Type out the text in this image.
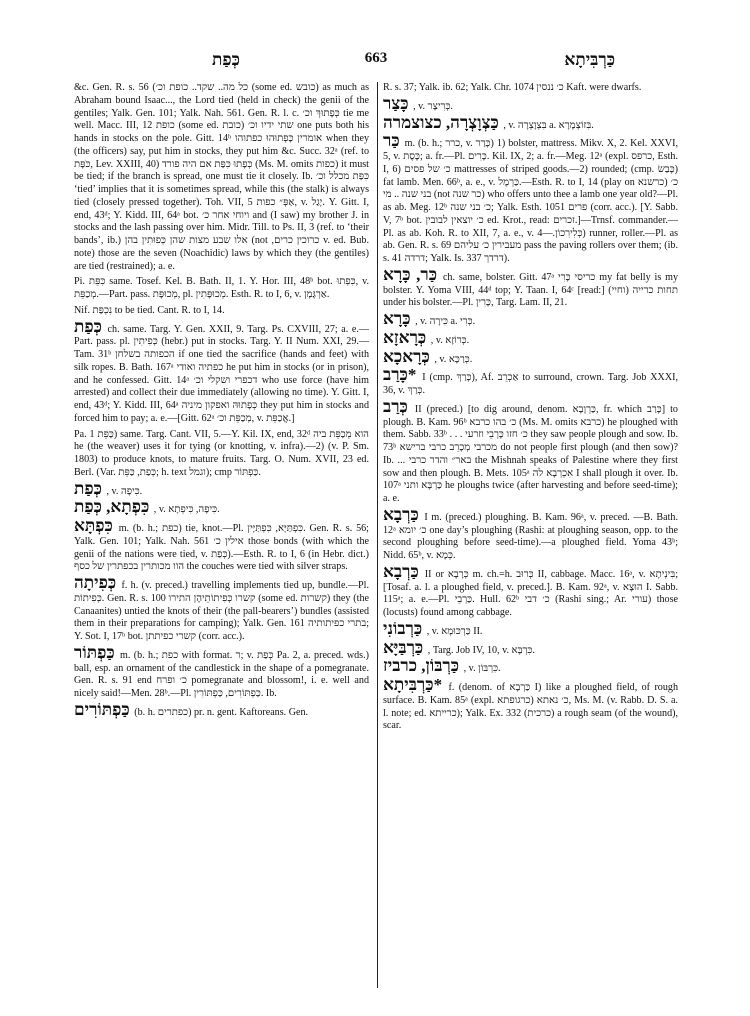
כְּפַת	663	כַּרְבִּיתָא

&c. Gen. R. s. 56 (כל מה.. שקד.. כופת וכ׳ (some ed. כובש) as much as Abraham bound Isaac..., the Lord tied (held in check) the genii of the gentiles; Yalk. Gen. 101; Yalk. Nah. 561. Gen. R. l. c. כְּפָתוּךְ וכ׳ tie me well. Macc. III, 12 כופת (some ed. כובת) שתי ידיו וכ׳ one puts both his hands in stocks on the pole. Gitt. 14ᵇ אומרין כָּפְתוּהוּ כפתוהו when they (the officers) say, put him in stocks, they put him &c. Succ. 32ᵃ (ref. to כֹּפָּת, Lev. XXIII, 40) כְּפָתוּ כִּפַּת אם היה פורד (Ms. M. omits כפות) it must be tied; if the branch is spread, one must tie it closely. Ib. כִּפַּת מכלל וכ׳ ‘tied’ implies that it is sometimes spread, while this (the stalk) is always tied (closely pressed together). Toh. VII, 5 אַפְּ״ כפות, v. יָגַל. Y. Gitt. I, end, 43ᵈ; Y. Kidd. III, 64ᵃ bot. ויוחי אחר כ׳ and (I saw) my brother J. in stocks and the lash passing over him. Midr. Till. to Ps. II, 3 (ref. to ‘their bands’, ib.) אלו שבע מצות שהן כְּפוּתִין בהן (not ,כרוכין כרים v. ed. Bub. note) those are the seven (Noachidic) laws by which they (the gentiles) are tied (restrained); a. e.

Pi. כִּפֵּת same. Tosef. Kel. B. Bath. II, 1. Y. Hor. III, 48ᵇ bot. כִּפְתוּ, v. מְכַפֵּת.—Part. pass. מְכוּפָּת, pl. מְכוּפָּתִין. Esth. R. to I, 6, v. אַרְגָּמָן.

Nif. נִכְפַּת to be tied. Cant. R. to I, 14.

כְּפַת ch. same. Targ. Y. Gen. XXII, 9. Targ. Ps. CXVIII, 27; a. e.—Part. pass. pl. כְּפִיתִין (hebr.) put in stocks. Targ. Y. II Num. XXI, 29.—Tam. 31ᵇ הכפותה בשלחן if one tied the sacrifice (hands and feet) with silk ropes. B. Bath. 167ᵃ כפתיה ואודי he put him in stocks (or in prison), and he confessed. Gitt. 14ᵃ דכפרי ושקלי וכ׳ who use force (have him arrested) and collect their due immediately (allowing no time). Y. Gitt. I, end, 43ᵈ; Y. Kidd. III, 64ᵃ כְּפָתוּהּ ואפקון מיניה they put him in stocks and forced him to pay; a. e.—[Gitt. 62ᵃ מְכַפֵּת וכ׳, v. אֲכַפֵּת.]

Pa. כַּפֵּת 1) same. Targ. Cant. VII, 5.—Y. Kil. IX, end, 32ᵈ הוא מְכַפֵּת ביה he (the weaver) uses it for tying (or knotting, v. infra).—2) (v. P. Sm. 1803) to produce knots, to mature fruits. Targ. O. Num. XVII, 23 ed. Berl. (Var. כְּפַת, כַּפֵּת; h. text וגמל); cmp כַּפְתּוֹר.

כְּפַת , v. כִּיפָה.

כִּפְתָא, כְּפַת , v. כִּיפָה, כִּיפְתָא.

כִּפְתָּא m. (b. h.; כפת) tie, knot.—Pl. כִּפְתַּיָּא, כִּפְתַּיָּין. Gen. R. s. 56; Yalk. Gen. 101; Yalk. Nah. 561 אילין כ׳ those bonds (with which the genii of the nations were tied, v. כְּפַת).—Esth. R. to I, 6 (in Hebr. dict.) הוו מכותרין בכפתרין של כסף the couches were tied with silver straps.

כְּפִיתָה f. h. (v. preced.) travelling implements tied up, bundle.—Pl. כְּפִיתוֹת. Gen. R. s. 100 קשרו כְּפִיתוֹתֵיהֶן התירו (some ed. קשרות) they (the Canaanites) untied the knots of their (the pall-bearers’) bundles (assisted them in their preparations for camping); Yalk. Gen. 161 בתרי כפיתותיה; Y. Sot. I, 17ᵇ bot. קשרי כפיתתן (corr. acc.).

כַּפְתּוֹר m. (b. h.; כפת with format. ר; v. כְּפַת Pa. 2, a. preced. wds.) ball, esp. an ornament of the candlestick in the shape of a pomegranate. Gen. R. s. 91 end כ׳ ופרח pomegranate and blossom!, i. e. well and nicely said!—Men. 28ᵇ.—Pl. כַּפְתּוֹרִים, כַּפְתּוֹרִין. Ib.

כַּפְתּוֹרִים (b. h. כפתרים) pr. n. gent. Kaftoreans. Gen.

R. s. 37; Yalk. ib. 62; Yalk. Chr. 1074 כ׳ ננסין Kaft. were dwarfs.

כָּצַר , v. כְּרִיצָר.

כַּצְוָצְרָה, כצוצמרה , v. בִּצְוָצְרָה a. בִּזוֹצְמָרָא.

כַּר m. (b. h.; כרר, v. כָּרַר) 1) bolster, mattress. Mikv. X, 2. Kel. XXVI, 5, v. כֶּסֶת; a. fr.—Pl. כָּרִים. Kil. IX, 2; a. fr.—Meg. 12ᵃ (expl. כרפס, Esth. I, 6) כ׳ של פסים mattresses of striped goods.—2) rounded; (cmp. כָּבַשׂ) fat lamb. Men. 66ᵇ, a. e., v. כַּרְמֶל.—Esth. R. to I, 14 (play on כרשנא) כ׳ בני שנה .. מי (not כר שנה) who offers unto thee a lamb one year old?—Pl. as ab. Meg. 12ᵇ כ׳ בני שנה; Yalk. Esth. 1051 פרים (corr. acc.). [Y. Sabb. V, 7ᵇ bot. כ׳ יוצאין לבובין ed. Krot., read: זכרים.]—Trnsf. commander.—Pl. as ab. Koh. R. to XII, 7, a. e., v. כְּלִירִכוֹן.—4) runner, roller.—Pl. as ab. Gen. R. s. 69 מעבירין כ׳ עליהם pass the paving rollers over them; (ib. s. 41 דרדה; Yalk. Is. 337 דרדך).

כַּר, כָּרָא ch. same, bolster. Gitt. 47ᵃ כריסי כָּרִי my fat belly is my bolster. Y. Yoma VIII, 44ᵈ top; Y. Taan. I, 64ᶜ [read:] (תחות כרייה (וחיי under his bolster.—Pl. כָּרִין, Targ. Lam. II, 21.

כָּרָא , v. כִּירָה a. כְּרִי.

כְּרָאזָא , v. כְּרוֹזָא.

כְּרָאכָא , v. כְּרַכָּא.

*כָּרַב I (cmp. כָּרַךְ), Af. אַכְרֵב to surround, crown. Targ. Job XXXI, 36, v. כְּרַךְ.

כְּרַב II (preced.) [to dig around, denom. כַּרְוָבָא, fr. which כָּרַב] to plough. B. Kam. 96ᵇ כ׳ בהו כרבא (Ms. M. omits כרבא) he ploughed with them. Sabb. 33ᵇ . . . כ׳ חזו כָּרְבֵי וזרעי they saw people plough and sow. Ib. 73ᵇ מכרבי מְכָרֵב כרבי ברישא do not people first plough (and then sow)? Ib. ... באר״ והדר כרבי the Mishnah speaks of Palestine where they first sow and then plough. B. Mets. 105ᵃ אִכְרְבָא לה I shall plough it over. Ib. 107ᵃ כַּרְבָּא ותני he ploughs twice (after harvesting and before seed-time); a. e.

כַּרְבָא I m. (preced.) ploughing. B. Kam. 96ᵃ, v. preced. —B. Bath. 12ᵃ כ׳ יומא one day’s ploughing (Rashi: at ploughing season, opp. to the second ploughing before seed-time).—a ploughed field. Yoma 43ᵇ; Nidd. 65ᵇ, v. כְּמָא.

כַּרְבָא II or כְּרָבָא m. ch.=h. כְּרוּב II, cabbage. Macc. 16ᵃ, v. בִּינְיתָא; [Tosaf. a. l. a ploughed field, v. preced.]. B. Kam. 92ᵃ, v. הוּצָא I. Sabb. 115ᵃ; a. e.—Pl. כַּרְבֵי. Hull. 62ᵇ כ׳ דבי (Rashi sing.; Ar. עורי) those (locusts) found among cabbage.

כַּרְבוֹנִי , v. כַּרְכּוּמָא II.

כַּרְבַּיָּא , Targ. Job IV, 10, v. כִּרְבָּא.

כַּרְבּוֹן, כרביז , v. כִּרְבּוֹן.

*כַּרְבִּיתָא f. (denom. of כַּרְבָא I) like a ploughed field, of rough surface. B. Kam. 85ᵃ (expl. כ׳ נאתא (כרגופתא, Ms. M. (v. Rabb. D. S. a. l. note; ed. כרייתא); Yalk. Ex. 332 (כרכית) a rough seam (of the wound), scar.
